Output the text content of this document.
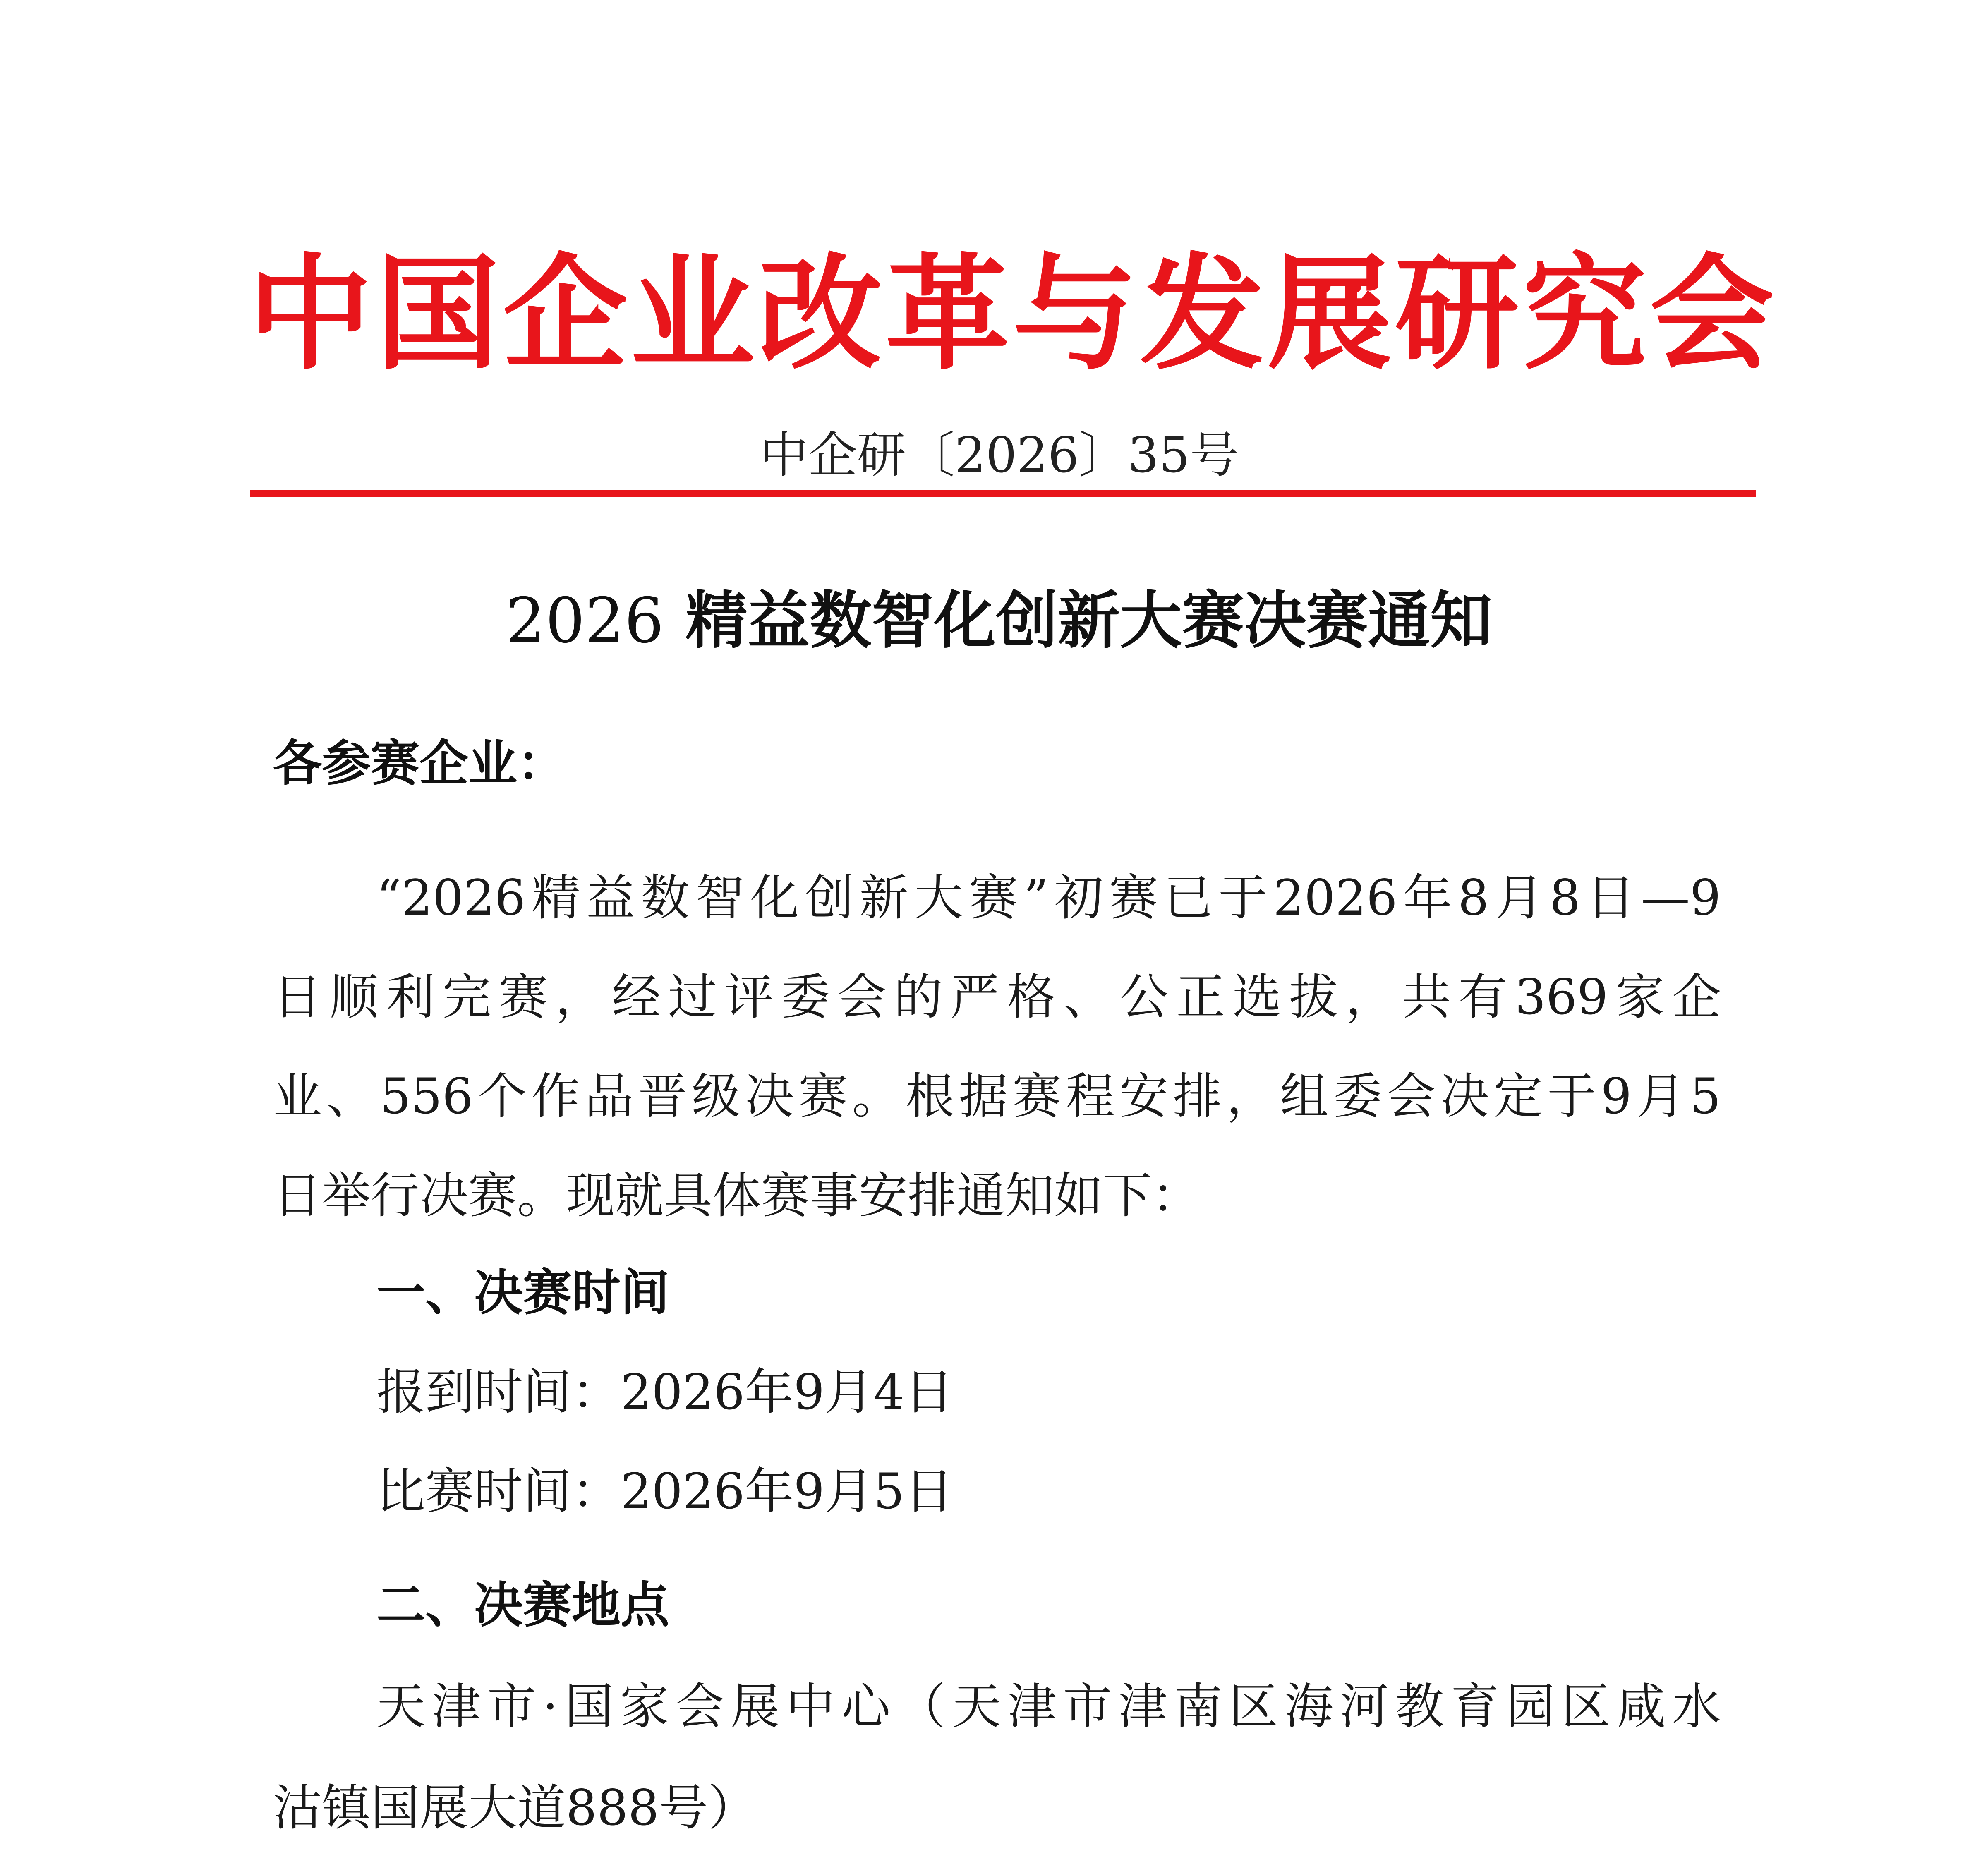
中国企业改革与发展研究会
中企研〔2026〕35号
2026 精益数智化创新大赛决赛通知
各参赛企业：
“2026精益数智化创新大赛”初赛已于2026年8月8日—9
日顺利完赛，经过评委会的严格、公正选拔，共有369家企
业、556个作品晋级决赛。根据赛程安排，组委会决定于9月5
日举行决赛。现就具体赛事安排通知如下：
一、决赛时间
报到时间：2026年9月4日
比赛时间：2026年9月5日
二、决赛地点
天津市·国家会展中心（天津市津南区海河教育园区咸水
沽镇国展大道888号）
